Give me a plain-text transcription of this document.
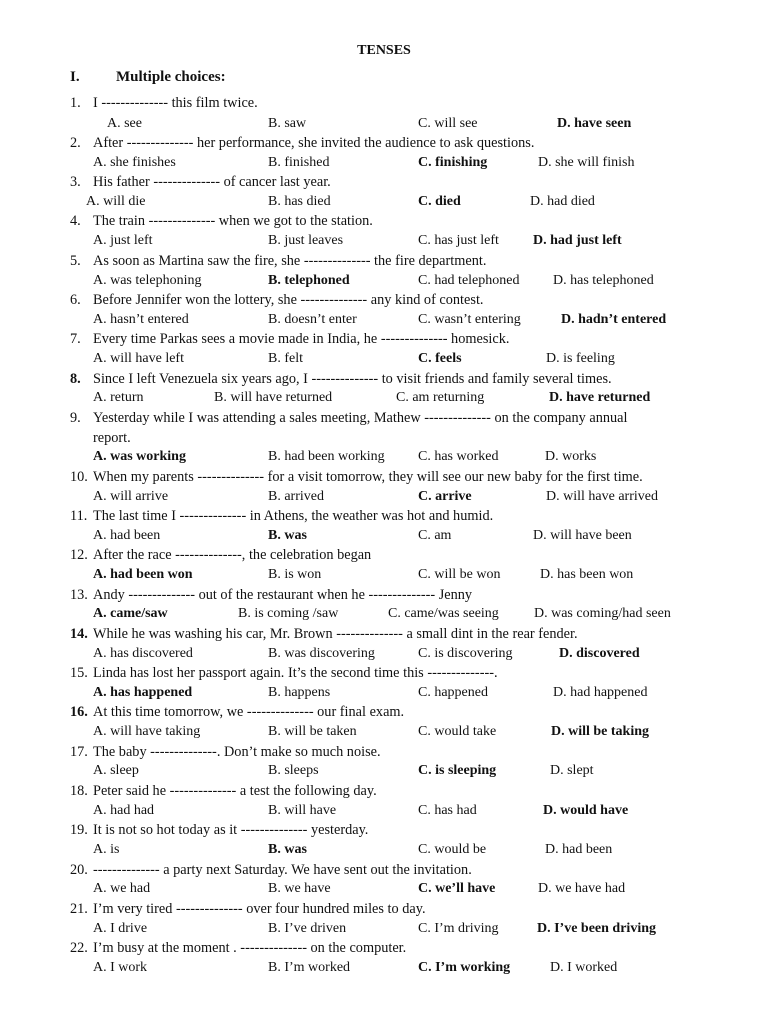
TENSES
I. Multiple choices:
1. I -------------- this film twice.
A. see	B. saw	C. will see	D. have seen
2. After -------------- her performance, she invited the audience to ask questions.
A. she finishes	B. finished	C. finishing	D. she will finish
3. His father -------------- of cancer last year.
A. will die	B. has died	C. died	D. had died
4. The train -------------- when we got to the station.
A. just left	B. just leaves	C. has just left D. had just left
5. As soon as Martina saw the fire, she -------------- the fire department.
A. was telephoning	B. telephoned	C. had telephoned D. has telephoned
6. Before Jennifer won the lottery, she -------------- any kind of contest.
A. hasn’t entered	B. doesn’t enter	C. wasn’t entering	D. hadn’t entered
7. Every time Parkas sees a movie made in India, he -------------- homesick.
A. will have left	B. felt	C. feels	D. is feeling
8. Since I left Venezuela six years ago, I -------------- to visit friends and family several times.
A. return	B. will have returned	C. am returning	D. have returned
9. Yesterday while I was attending a sales meeting, Mathew -------------- on the company annual
report.
A. was working	B. had been working C. has worked	D. works
10. When my parents -------------- for a visit tomorrow, they will see our new baby for the first time.
A. will arrive	B. arrived	C. arrive	D. will have arrived
11. The last time I -------------- in Athens, the weather was hot and humid.
A. had been	B. was	C. am	D. will have been
12. After the race --------------, the celebration began
A. had been won	B. is won	C. will be won	D. has been won
13. Andy -------------- out of the restaurant when he -------------- Jenny
A. came/saw	B. is coming /saw	C. came/was seeing	D. was coming/had seen
14. While he was washing his car, Mr. Brown -------------- a small dint in the rear fender.
A. has discovered	B. was discovering	C. is discovering	D. discovered
15. Linda has lost her passport again. It’s the second time this --------------.
A. has happened	B. happens	C. happened	D. had happened
16. At this time tomorrow, we -------------- our final exam.
A. will have taking	B. will be taken	C. would take	D. will be taking
17. The baby --------------. Don’t make so much noise.
A. sleep	B. sleeps	C. is sleeping	D. slept
18. Peter said he -------------- a test the following day.
A. had had	B. will have	C. has had	D. would have
19. It is not so hot today as it -------------- yesterday.
A. is	B. was	C. would be	D. had been
20. -------------- a party next Saturday. We have sent out the invitation.
A. we had	B. we have	C. we’ll have	D. we have had
21. I’m very tired -------------- over four hundred miles to day.
A. I drive	B. I’ve driven	C. I’m driving	D. I’ve been driving
22. I’m busy at the moment . -------------- on the computer.
A. I work	B. I’m worked	C. I’m working	D. I worked
